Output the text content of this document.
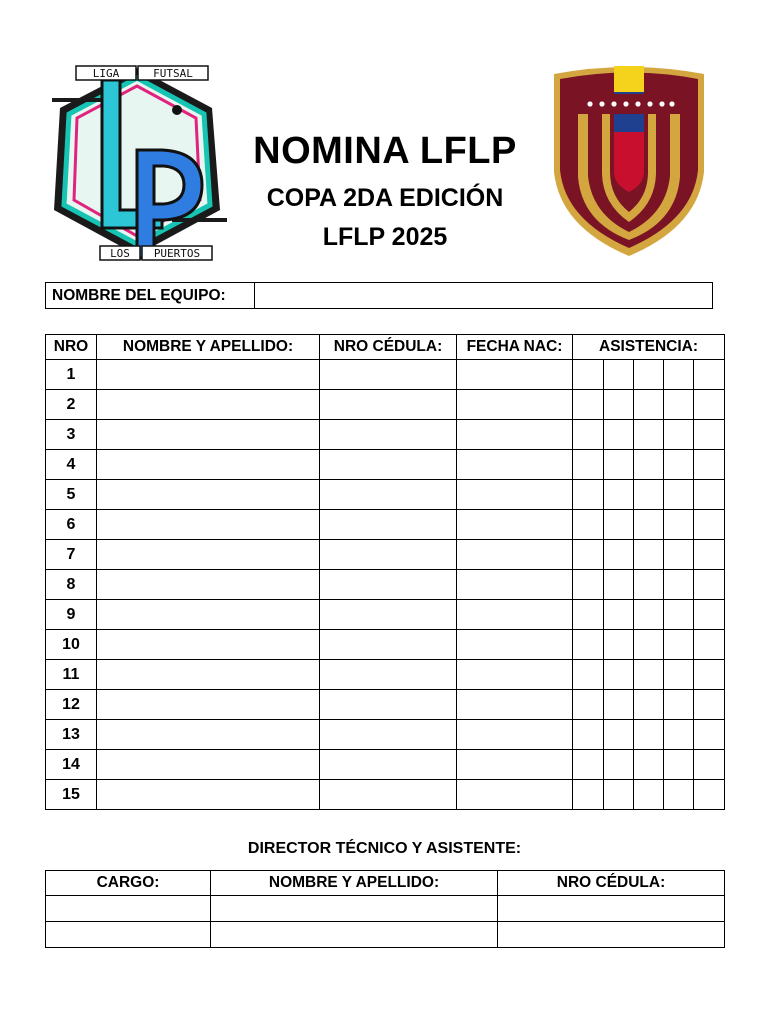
LIGA	FUTSAL
LOS PUERTOS
NOMINA LFLP
COPA 2DA EDICIÓN
LFLP 2025
NOMBRE DEL EQUIPO:	
NRO	NOMBRE Y APELLIDO:	NRO CÉDULA:	FECHA NAC:	ASISTENCIA:				
1								
2								
3								
4								
5								
6								
7								
8								
9								
10								
11								
12								
13								
14								
15								
DIRECTOR TÉCNICO Y ASISTENTE:
CARGO:	NOMBRE Y APELLIDO:	NRO CÉDULA:
